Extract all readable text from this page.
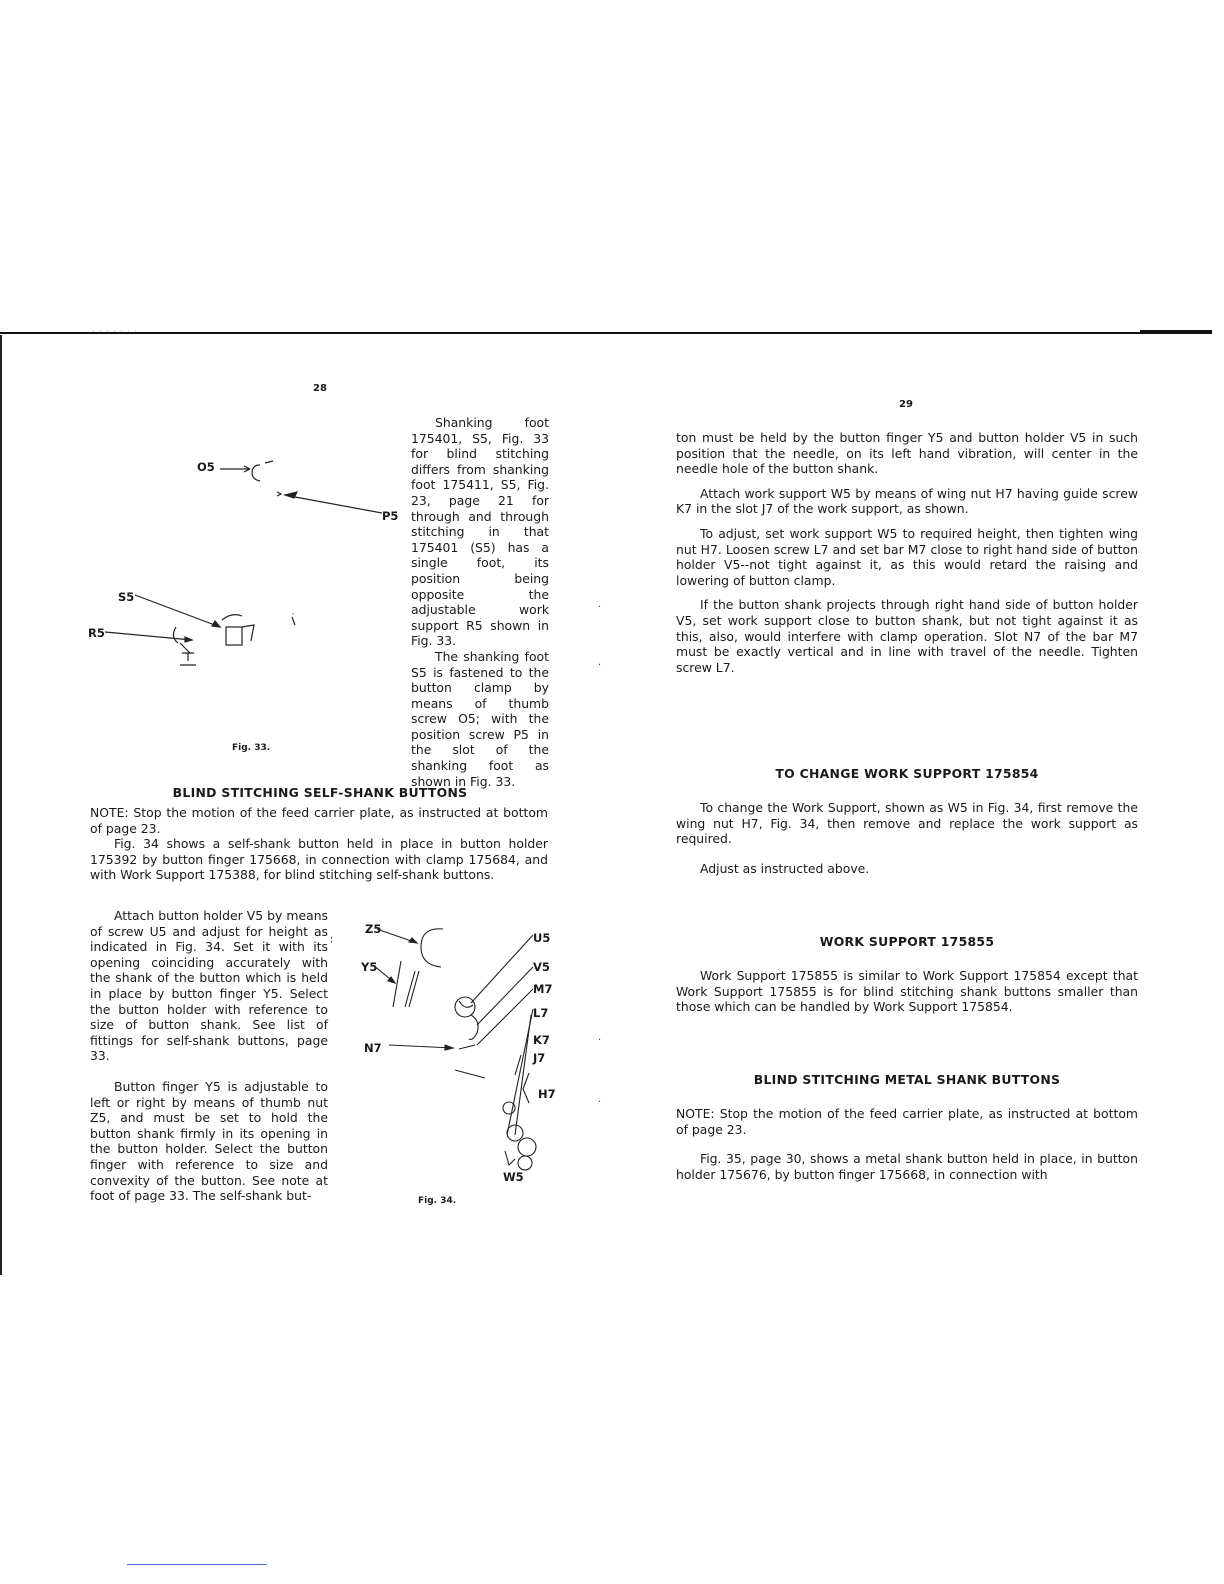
· · · · · · ·
28

Shanking foot 175401, S5, Fig. 33 for blind stitching differs from shanking foot 175411, S5, Fig. 23, page 21 for through and through stitching in that 175401 (S5) has a single foot, its position being opposite the adjustable work support R5 shown in Fig. 33.

The shanking foot S5 is fastened to the button clamp by means of thumb screw O5; with the position screw P5 in the slot of the shanking foot as shown in Fig. 33.

O5
P5
S5
R5
Fig. 33.
BLIND STITCHING SELF-SHANK BUTTONS

NOTE: Stop the motion of the feed carrier plate, as instructed at bottom of page 23.

Fig. 34 shows a self-shank button held in place in button holder 175392 by button finger 175668, in connection with clamp 175684, and with Work Support 175388, for blind stitching self-shank buttons.

Attach button holder V5 by means of screw U5 and adjust for height as indicated in Fig. 34. Set it with its opening coinciding accurately with the shank of the button which is held in place by button finger Y5. Select the button holder with reference to size of button shank. See list of fittings for self-shank buttons, page 33.

Button finger Y5 is adjustable to left or right by means of thumb nut Z5, and must be set to hold the button shank firmly in its opening in the button holder. Select the button finger with reference to size and convexity of the button. See note at foot of page 33. The self-shank but-

Z5
Y5
N7
U5
V5
M7
L7
K7
J7
H7
W5
Fig. 34.
′
‚
ˈ
·
·
·
·
29

ton must be held by the button finger Y5 and button holder V5 in such position that the needle, on its left hand vibration, will center in the needle hole of the button shank.

Attach work support W5 by means of wing nut H7 having guide screw K7 in the slot J7 of the work support, as shown.

To adjust, set work support W5 to required height, then tighten wing nut H7. Loosen screw L7 and set bar M7 close to right hand side of button holder V5--not tight against it, as this would retard the raising and lowering of button clamp.

If the button shank projects through right hand side of button holder V5, set work support close to button shank, but not tight against it as this, also, would interfere with clamp operation. Slot N7 of the bar M7 must be exactly vertical and in line with travel of the needle. Tighten screw L7.

TO CHANGE WORK SUPPORT 175854

To change the Work Support, shown as W5 in Fig. 34, first remove the wing nut H7, Fig. 34, then remove and replace the work support as required.

Adjust as instructed above.

WORK SUPPORT 175855

Work Support 175855 is similar to Work Support 175854 except that Work Support 175855 is for blind stitching shank buttons smaller than those which can be handled by Work Support 175854.

BLIND STITCHING METAL SHANK BUTTONS

NOTE: Stop the motion of the feed carrier plate, as instructed at bottom of page 23.

Fig. 35, page 30, shows a metal shank button held in place, in button holder 175676, by button finger 175668, in connection with
